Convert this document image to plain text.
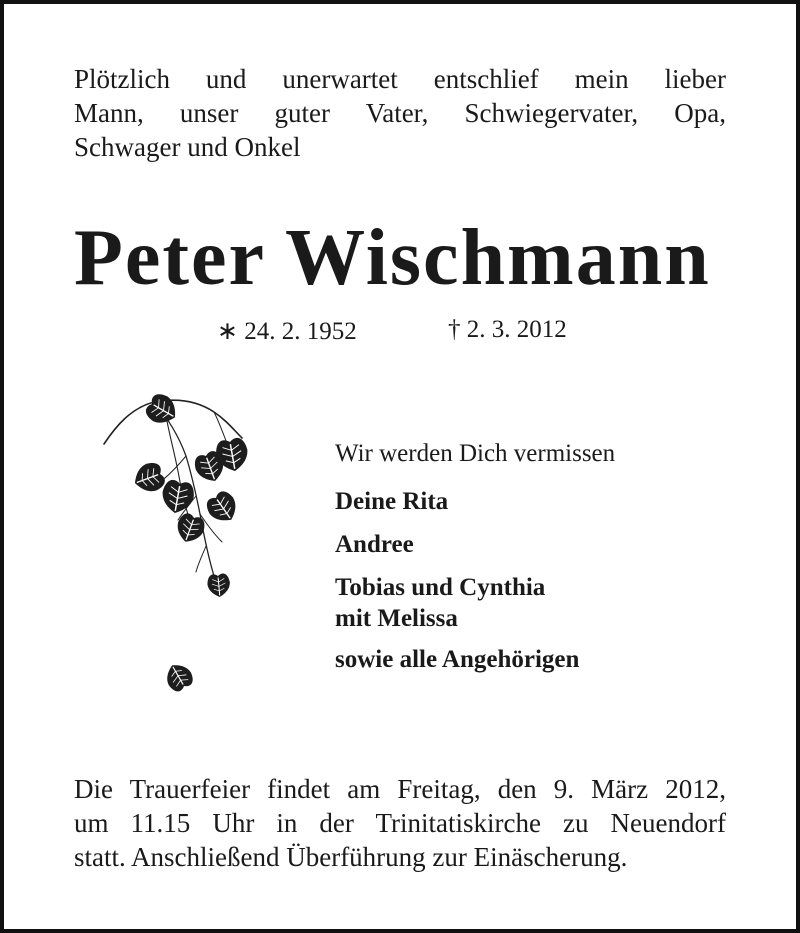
Plötzlich und unerwartet entschlief mein lieber
Mann, unser guter Vater, Schwiegervater, Opa,
Schwager und Onkel
Peter Wischmann
∗ 24. 2. 1952	† 2. 3. 2012
Wir werden Dich vermissen
Deine Rita
Andree
Tobias und Cynthia
mit Melissa
sowie alle Angehörigen
Die Trauerfeier findet am Freitag, den 9. März 2012,
um 11.15 Uhr in der Trinitatiskirche zu Neuendorf
statt. Anschließend Überführung zur Einäscherung.
